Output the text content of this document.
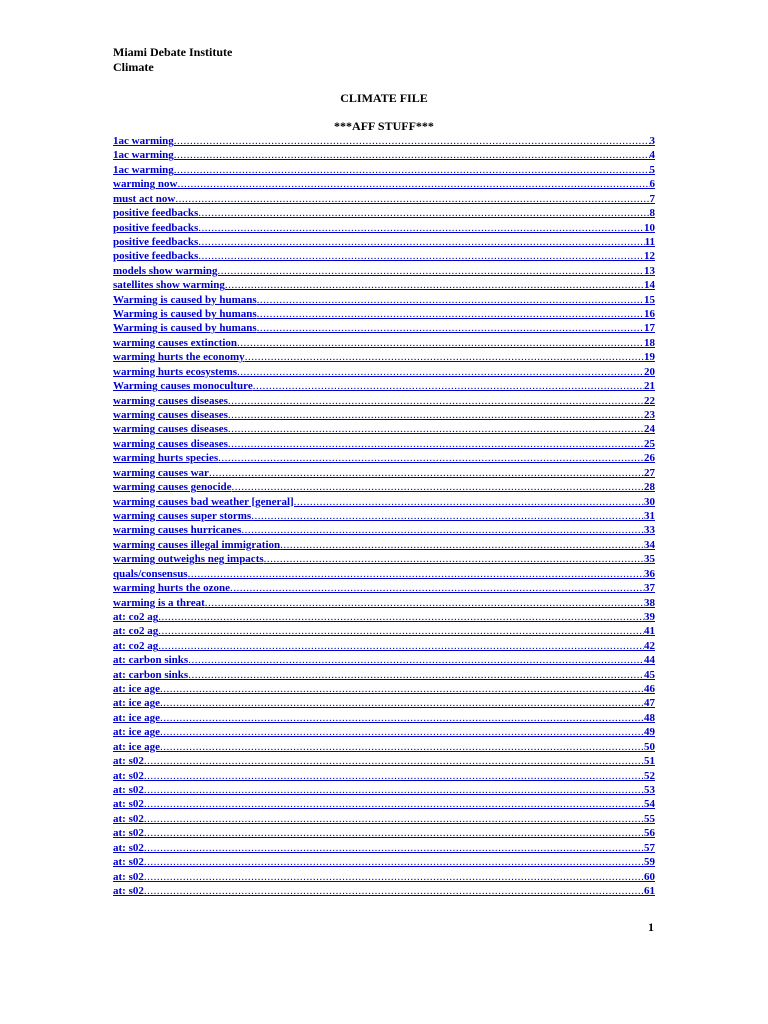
Miami Debate Institute
Climate
CLIMATE FILE
***AFF STUFF***
1ac warming .....	3
1ac warming .....	4
1ac warming .....	5
warming now .....	6
must act now .....	7
positive feedbacks .....	8
positive feedbacks .....	10
positive feedbacks .....	11
positive feedbacks .....	12
models show warming .....	13
satellites show warming .....	14
Warming is caused by humans .....	15
Warming is caused by humans .....	16
Warming is caused by humans .....	17
warming causes extinction .....	18
warming hurts the economy .....	19
warming hurts ecosystems .....	20
Warming causes monoculture .....	21
warming causes diseases .....	22
warming causes diseases .....	23
warming causes diseases .....	24
warming causes diseases .....	25
warming hurts species .....	26
warming causes war .....	27
warming causes genocide .....	28
warming causes bad weather [general] .....	30
warming causes super storms .....	31
warming causes hurricanes .....	33
warming causes illegal immigration .....	34
warming outweighs neg impacts .....	35
quals/consensus .....	36
warming hurts the ozone .....	37
warming is a threat .....	38
at: co2 ag .....	39
at: co2 ag .....	41
at: co2 ag .....	42
at: carbon sinks .....	44
at: carbon sinks .....	45
at: ice age .....	46
at: ice age .....	47
at: ice age .....	48
at: ice age .....	49
at: ice age .....	50
at: s02 .....	51
at: s02 .....	52
at: s02 .....	53
at: s02 .....	54
at: s02 .....	55
at: s02 .....	56
at: s02 .....	57
at: s02 .....	59
at: s02 .....	60
at: s02 .....	61
1
